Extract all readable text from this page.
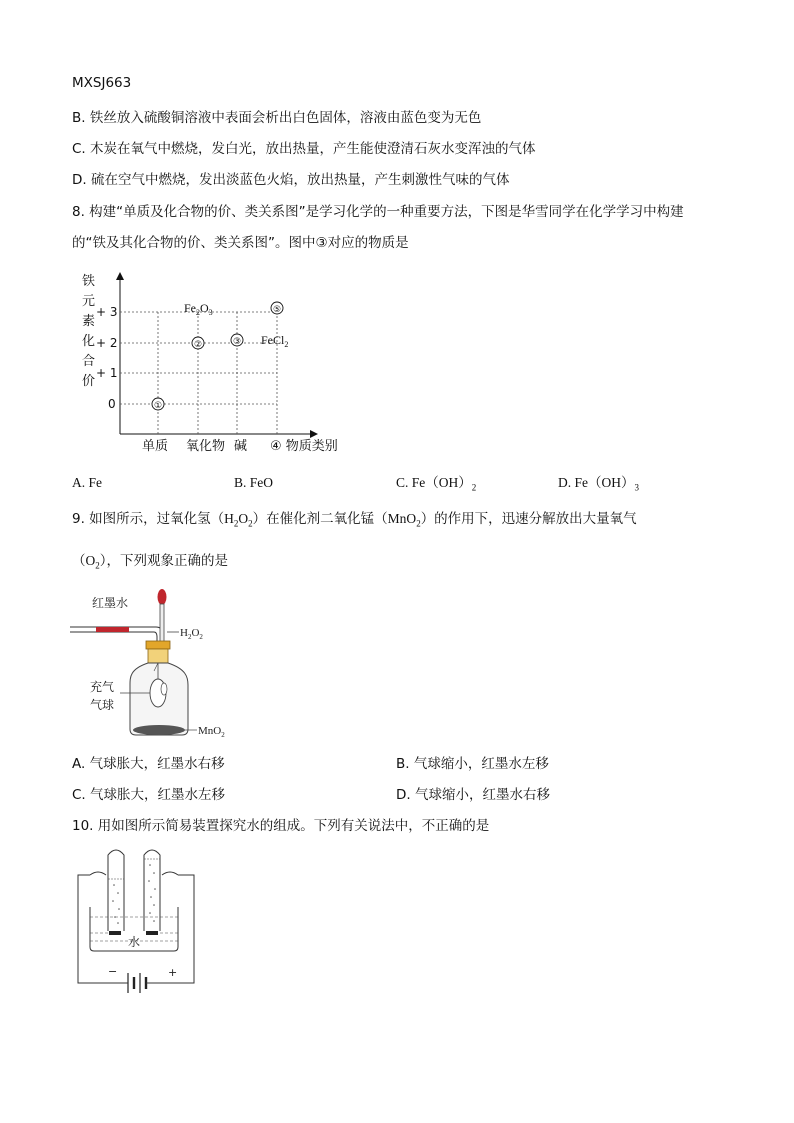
MXSJ663
B. 铁丝放入硫酸铜溶液中表面会析出白色固体，溶液由蓝色变为无色
C. 木炭在氧气中燃烧，发白光，放出热量，产生能使澄清石灰水变浑浊的气体
D. 硫在空气中燃烧，发出淡蓝色火焰，放出热量，产生刺激性气味的气体
8. 构建“单质及化合物的价、类关系图”是学习化学的一种重要方法，下图是华雪同学在化学学习中构建
的“铁及其化合物的价、类关系图”。图中③对应的物质是
铁
元
素
化
合
价
+ 3
+ 2
+ 1
0	①
②	③
⑤
$Fe_2O_3$
FeCl$_2$
单质 氧化物 碱 ④ 物质类别
A. Fe	B. FeO	C. $Fe(OH)_2$	D. $Fe(OH)_3$
9. 如图所示，过氧化氢$(H_2O_2)$在催化剂二氧化锰（MnO$_2$）的作用下，迅速分解放出大量氧气
$(O_2)$，下列观象正确的是
红墨水
$H_2O_2$
充气
气球
MnO$_2$
A. 气球胀大，红墨水右移	B. 气球缩小，红墨水左移
C. 气球胀大，红墨水左移	D. 气球缩小，红墨水右移
10. 用如图所示简易装置探究水的组成。下列有关说法中，不正确的是
水
−	+
